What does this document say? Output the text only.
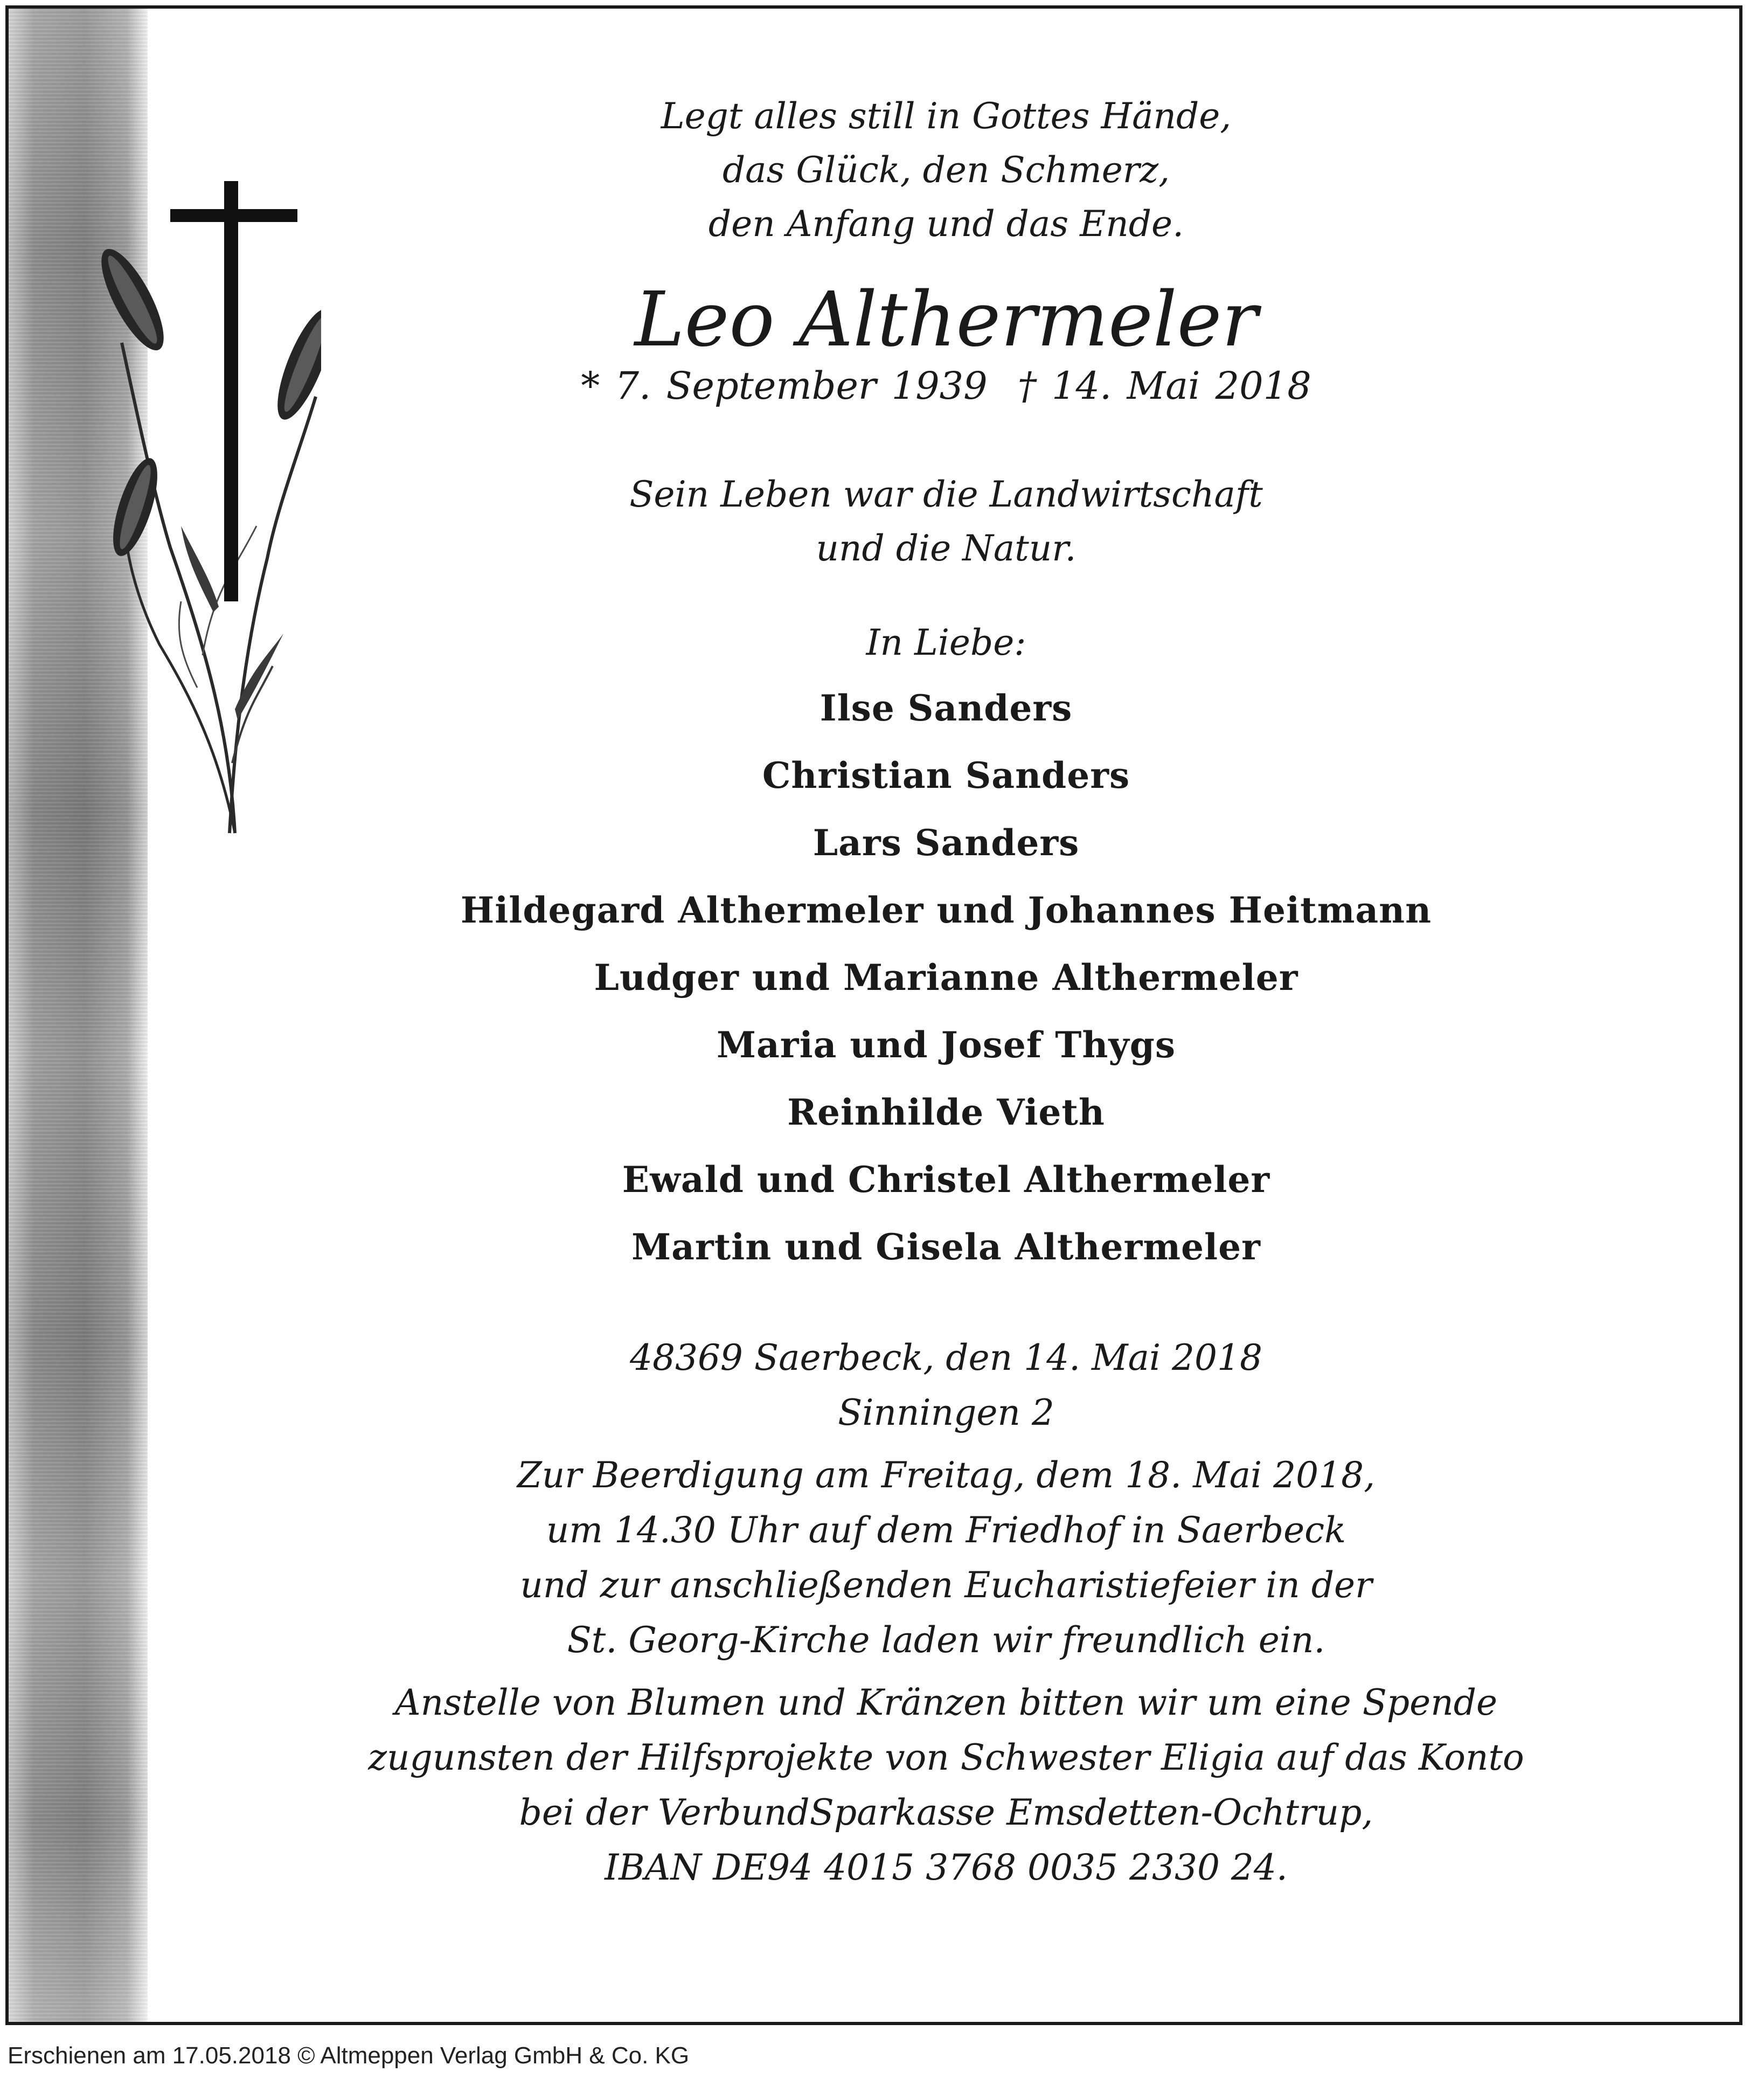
Legt alles still in Gottes Hände,
das Glück, den Schmerz,
den Anfang und das Ende.
Leo Althermeler
* 7. September 1939 † 14. Mai 2018
Sein Leben war die Landwirtschaft
und die Natur.
In Liebe:
Ilse Sanders
Christian Sanders
Lars Sanders
Hildegard Althermeler und Johannes Heitmann
Ludger und Marianne Althermeler
Maria und Josef Thygs
Reinhilde Vieth
Ewald und Christel Althermeler
Martin und Gisela Althermeler
48369 Saerbeck, den 14. Mai 2018
Sinningen 2
Zur Beerdigung am Freitag, dem 18. Mai 2018,
um 14.30 Uhr auf dem Friedhof in Saerbeck
und zur anschließenden Eucharistiefeier in der
St. Georg-Kirche laden wir freundlich ein.
Anstelle von Blumen und Kränzen bitten wir um eine Spende
zugunsten der Hilfsprojekte von Schwester Eligia auf das Konto
bei der VerbundSparkasse Emsdetten-Ochtrup,
IBAN DE94 4015 3768 0035 2330 24.
Erschienen am 17.05.2018 © Altmeppen Verlag GmbH & Co. KG
